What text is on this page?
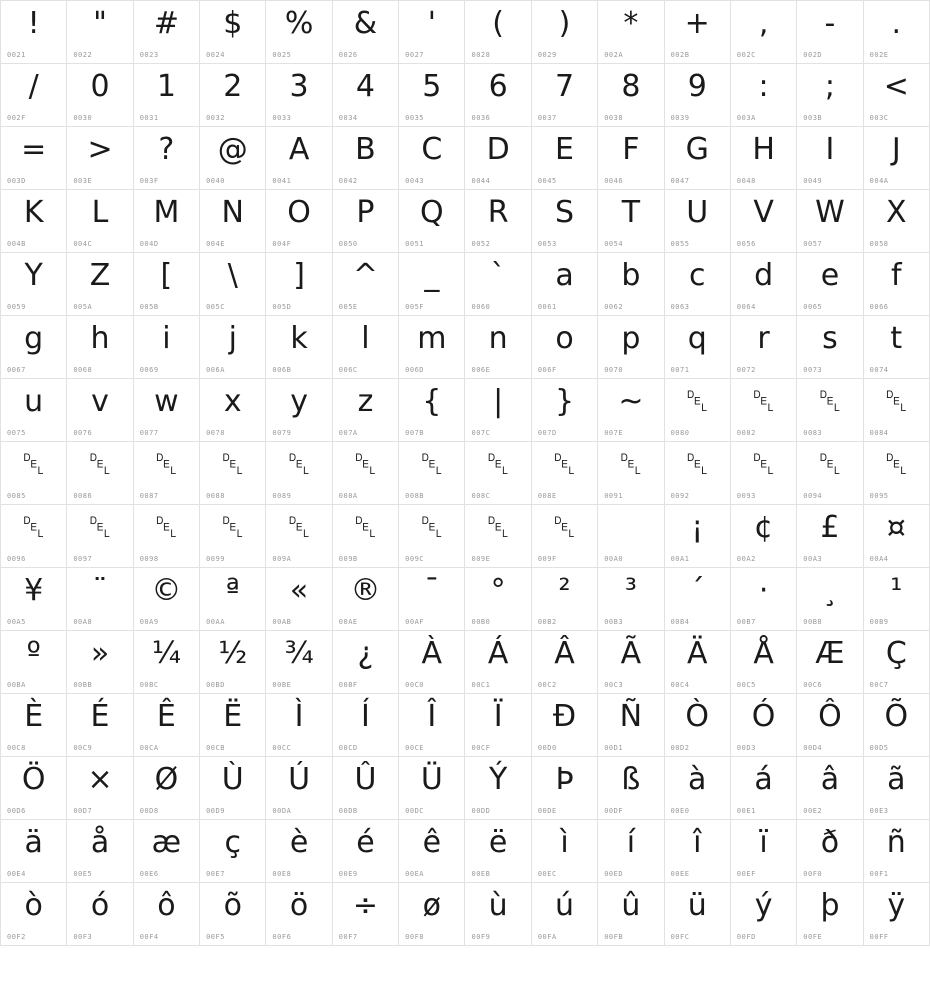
!
0021
"
0022
#
0023
$
0024
%
0025
&
0026
'
0027
(
0028
)
0029
*
002A
+
002B
,
002C
-
002D
.
002E
/
002F
0
0030
1
0031
2
0032
3
0033
4
0034
5
0035
6
0036
7
0037
8
0038
9
0039
:
003A
;
003B
<
003C
=
003D
>
003E
?
003F
@
0040
A
0041
B
0042
C
0043
D
0044
E
0045
F
0046
G
0047
H
0048
I
0049
J
004A
K
004B
L
004C
M
004D
N
004E
O
004F
P
0050
Q
0051
R
0052
S
0053
T
0054
U
0055
V
0056
W
0057
X
0058
Y
0059
Z
005A
[
005B
\
005C
]
005D
^
005E
_
005F
`
0060
a
0061
b
0062
c
0063
d
0064
e
0065
f
0066
g
0067
h
0068
i
0069
j
006A
k
006B
l
006C
m
006D
n
006E
o
006F
p
0070
q
0071
r
0072
s
0073
t
0074
u
0075
v
0076
w
0077
x
0078
y
0079
z
007A
{
007B
|
007C
}
007D
~
007E
␡
0080
␡
0082
␡
0083
␡
0084
␡
0085
␡
0086
␡
0087
␡
0088
␡
0089
␡
008A
␡
008B
␡
008C
␡
008E
␡
0091
␡
0092
␡
0093
␡
0094
␡
0095
␡
0096
␡
0097
␡
0098
␡
0099
␡
009A
␡
009B
␡
009C
␡
009E
␡
009F	00A0
¡
00A1
¢
00A2
£
00A3
¤
00A4
¥
00A5
¨
00A8
©
00A9
ª
00AA
«
00AB
®
00AE
¯
00AF
°
00B0
²
00B2
³
00B3
´
00B4
·
00B7
¸
00B8
¹
00B9
º
00BA
»
00BB
¼
00BC
½
00BD
¾
00BE
¿
00BF
À
00C0
Á
00C1
Â
00C2
Ã
00C3
Ä
00C4
Å
00C5
Æ
00C6
Ç
00C7
È
00C8
É
00C9
Ê
00CA
Ë
00CB
Ì
00CC
Í
00CD
Î
00CE
Ï
00CF
Ð
00D0
Ñ
00D1
Ò
00D2
Ó
00D3
Ô
00D4
Õ
00D5
Ö
00D6
×
00D7
Ø
00D8
Ù
00D9
Ú
00DA
Û
00DB
Ü
00DC
Ý
00DD
Þ
00DE
ß
00DF
à
00E0
á
00E1
â
00E2
ã
00E3
ä
00E4
å
00E5
æ
00E6
ç
00E7
è
00E8
é
00E9
ê
00EA
ë
00EB
ì
00EC
í
00ED
î
00EE
ï
00EF
ð
00F0
ñ
00F1
ò
00F2
ó
00F3
ô
00F4
õ
00F5
ö
00F6
÷
00F7
ø
00F8
ù
00F9
ú
00FA
û
00FB
ü
00FC
ý
00FD
þ
00FE
ÿ
00FF
